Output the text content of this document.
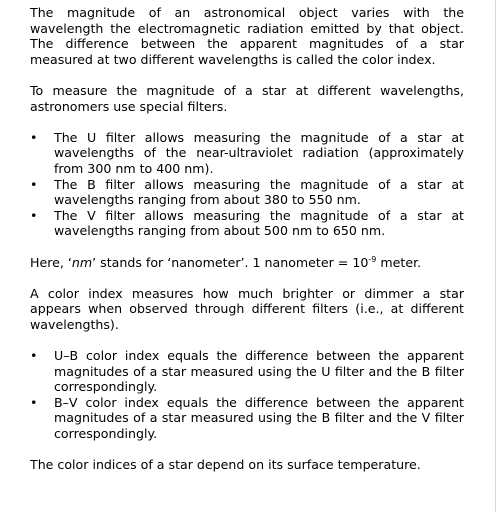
The magnitude of an astronomical object varies with the wavelength the electromagnetic radiation emitted by that object. The difference between the apparent magnitudes of a star measured at two different wavelengths is called the color index.

To measure the magnitude of a star at different wavelengths, astronomers use special filters.

• The U filter allows measuring the magnitude of a star at wavelengths of the near-ultraviolet radiation (approximately from 300 nm to 400 nm).
• The B filter allows measuring the magnitude of a star at wavelengths ranging from about 380 to 550 nm.
• The V filter allows measuring the magnitude of a star at wavelengths ranging from about 500 nm to 650 nm.

Here, ‘nm’ stands for ‘nanometer’. 1 nanometer = $10^{-9}$ meter.

A color index measures how much brighter or dimmer a star appears when observed through different filters (i.e., at different wavelengths).

• U–B color index equals the difference between the apparent magnitudes of a star measured using the U filter and the B filter correspondingly.
• B–V color index equals the difference between the apparent magnitudes of a star measured using the B filter and the V filter correspondingly.

The color indices of a star depend on its surface temperature.
